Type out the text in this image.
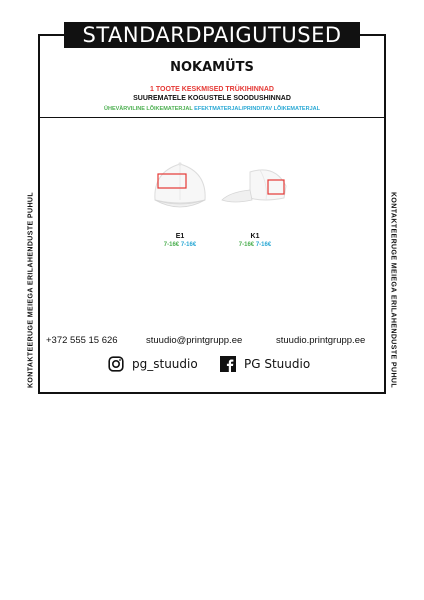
STANDARDPAIGUTUSED
NOKAMÜTS
1 TOOTE KESKMISED TRÜKIHINNAD
SUUREMATELE KOGUSTELE SOODUSHINNAD
ÜHEVÄRVILINE LÕIKEMATERJAL EFEKTMATERJAL/PRINDITAV LÕIKEMATERJAL
KONTAKTEERUGE MEIEGA ERILAHENDUSTE PUHUL	KONTAKTEERUGE MEIEGA ERILAHENDUSTE PUHUL
E1
7-16€ 7-16€
K1
7-16€ 7-16€
+372 555 15 626	stuudio@printgrupp.ee	stuudio.printgrupp.ee
pg_stuudio	PG Stuudio
